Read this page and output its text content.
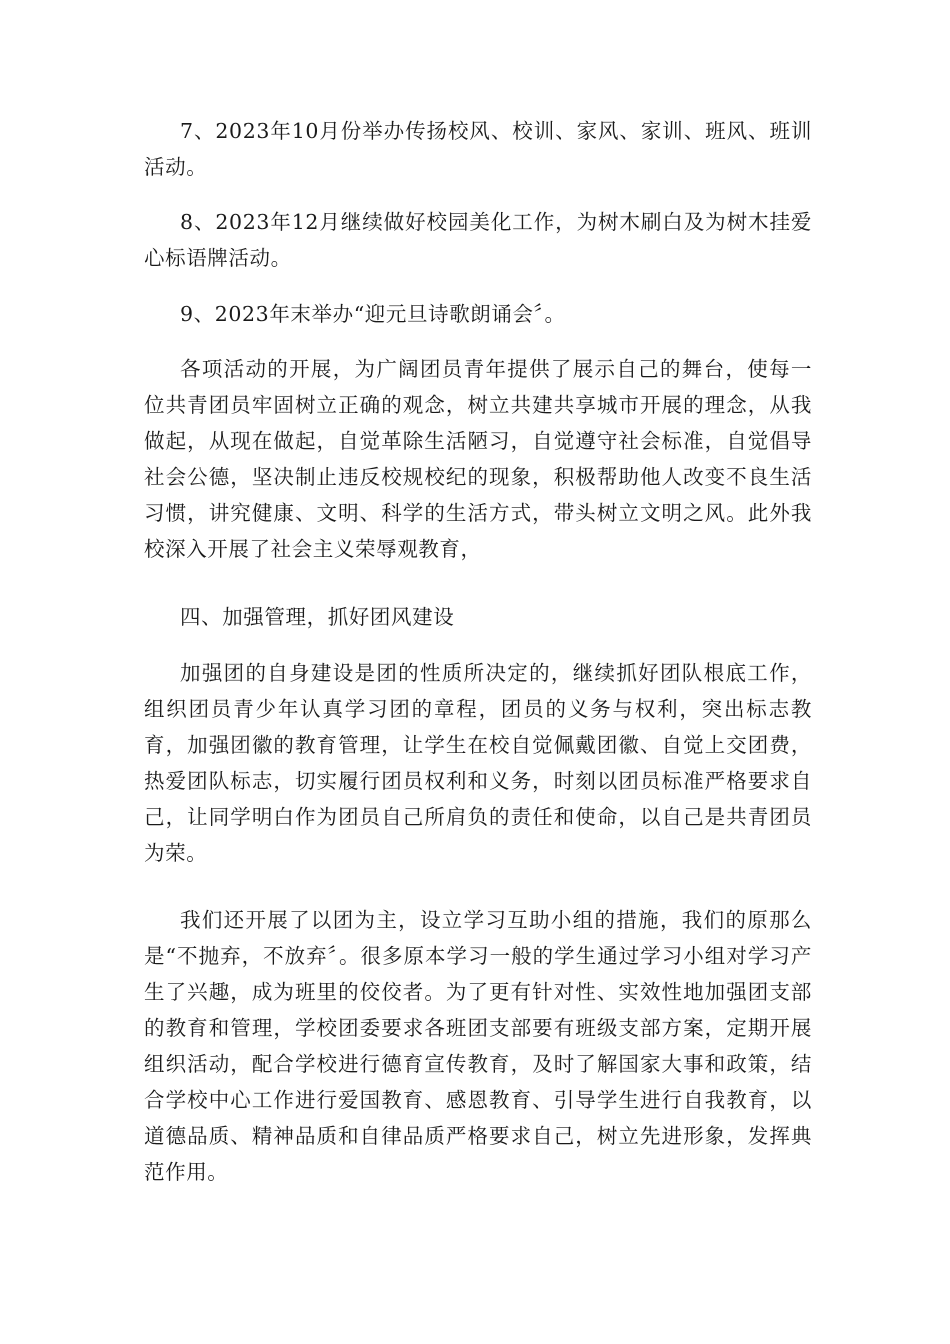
7、2023年10月份举办传扬校风、校训、家风、家训、班风、班训活动。

8、2023年12月继续做好校园美化工作，为树木刷白及为树木挂爱心标语牌活动。

9、2023年末举办“迎元旦诗歌朗诵会〞。

各项活动的开展，为广阔团员青年提供了展示自己的舞台，使每一位共青团员牢固树立正确的观念，树立共建共享城市开展的理念，从我做起，从现在做起，自觉革除生活陋习，自觉遵守社会标准，自觉倡导社会公德，坚决制止违反校规校纪的现象，积极帮助他人改变不良生活习惯，讲究健康、文明、科学的生活方式，带头树立文明之风。此外我校深入开展了社会主义荣辱观教育，

四、加强管理，抓好团风建设

加强团的自身建设是团的性质所决定的，继续抓好团队根底工作，组织团员青少年认真学习团的章程，团员的义务与权利，突出标志教育，加强团徽的教育管理，让学生在校自觉佩戴团徽、自觉上交团费，热爱团队标志，切实履行团员权利和义务，时刻以团员标准严格要求自己，让同学明白作为团员自己所肩负的责任和使命，以自己是共青团员为荣。

我们还开展了以团为主，设立学习互助小组的措施，我们的原那么是“不抛弃，不放弃〞。很多原本学习一般的学生通过学习小组对学习产生了兴趣，成为班里的佼佼者。为了更有针对性、实效性地加强团支部的教育和管理，学校团委要求各班团支部要有班级支部方案，定期开展组织活动，配合学校进行德育宣传教育，及时了解国家大事和政策，结合学校中心工作进行爱国教育、感恩教育、引导学生进行自我教育，以道德品质、精神品质和自律品质严格要求自己，树立先进形象，发挥典范作用。
